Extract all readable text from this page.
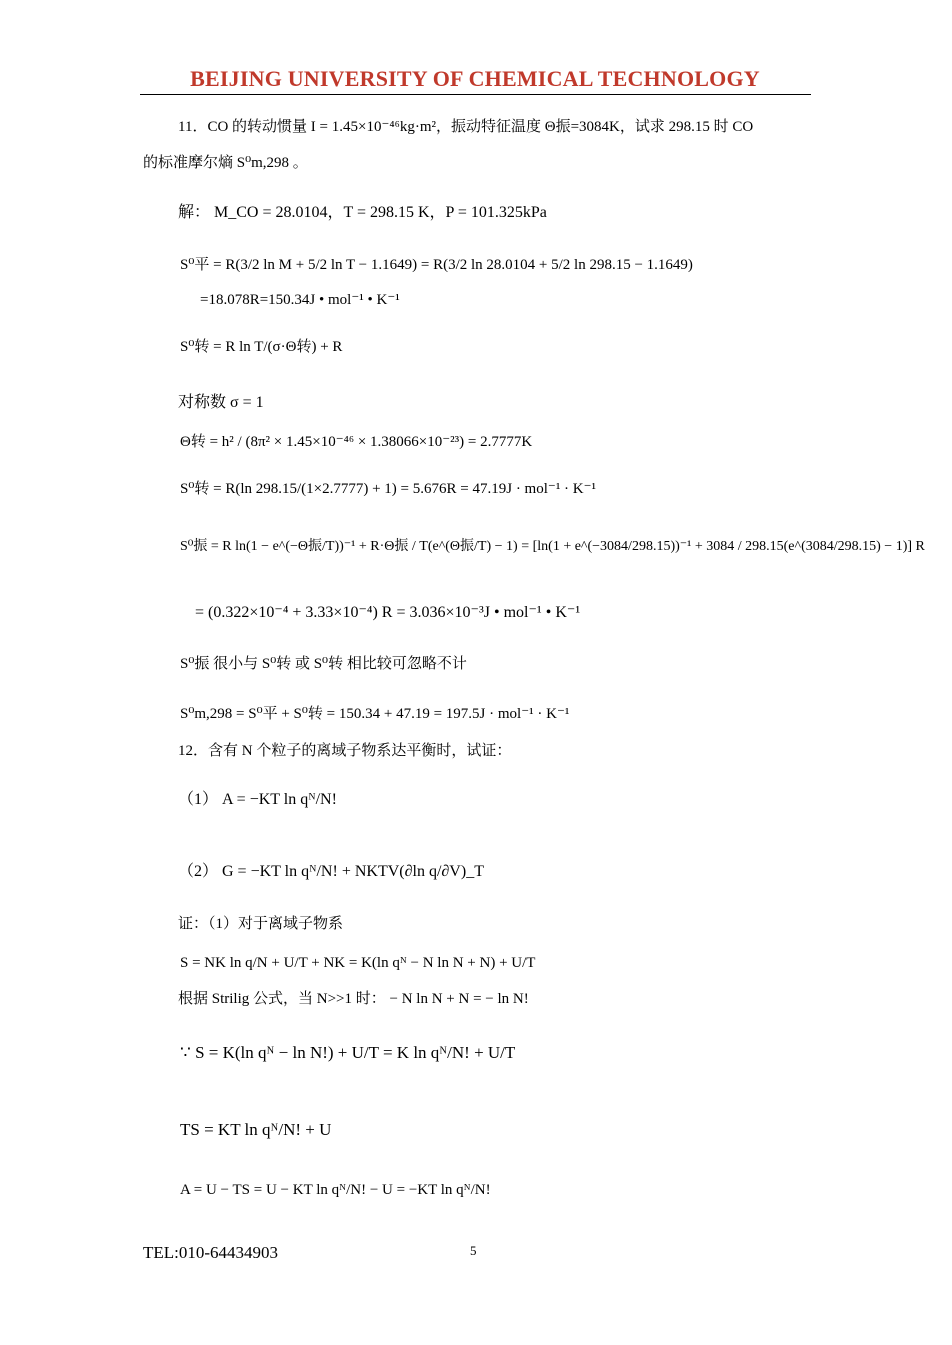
BEIJING UNIVERSITY OF CHEMICAL TECHNOLOGY
11．CO 的转动惯量 I = 1.45×10⁻⁴⁶kg·m²，振动特征温度 Θ振=3084K，试求 298.15 时 CO
的标准摩尔熵 S⁰m,298 。
解： M_CO = 28.0104，T = 298.15 K，P = 101.325kPa
S⁰平 = R(3/2 ln M + 5/2 ln T − 1.1649) = R(3/2 ln 28.0104 + 5/2 ln 298.15 − 1.1649)
=18.078R=150.34J • mol⁻¹ • K⁻¹
S⁰转 = R ln T/(σ·Θ转) + R
对称数 σ = 1
Θ转 = h² / (8π² × 1.45×10⁻⁴⁶ × 1.38066×10⁻²³) = 2.7777K
S⁰转 = R(ln 298.15/(1×2.7777) + 1) = 5.676R = 47.19J · mol⁻¹ · K⁻¹
S⁰振 = R ln(1 − e^(−Θ振/T))⁻¹ + R·Θ振 / T(e^(Θ振/T) − 1) = [ln(1 + e^(−3084/298.15))⁻¹ + 3084 / 298.15(e^(3084/298.15) − 1)] R
= (0.322×10⁻⁴ + 3.33×10⁻⁴) R = 3.036×10⁻³J • mol⁻¹ • K⁻¹
S⁰振 很小与 S⁰转 或 S⁰转 相比较可忽略不计
S⁰m,298 = S⁰平 + S⁰转 = 150.34 + 47.19 = 197.5J · mol⁻¹ · K⁻¹
12．含有 N 个粒子的离域子物系达平衡时，试证：
（1） A = −KT ln qᴺ/N!
（2） G = −KT ln qᴺ/N! + NKTV(∂ln q/∂V)_T
证：（1）对于离域子物系
S = NK ln q/N + U/T + NK = K(ln qᴺ − N ln N + N) + U/T
根据 Strilig 公式，当 N>>1 时： − N ln N + N = − ln N!
∵ S = K(ln qᴺ − ln N!) + U/T = K ln qᴺ/N! + U/T
TS = KT ln qᴺ/N! + U
A = U − TS = U − KT ln qᴺ/N! − U = −KT ln qᴺ/N!
TEL:010-64434903	5
